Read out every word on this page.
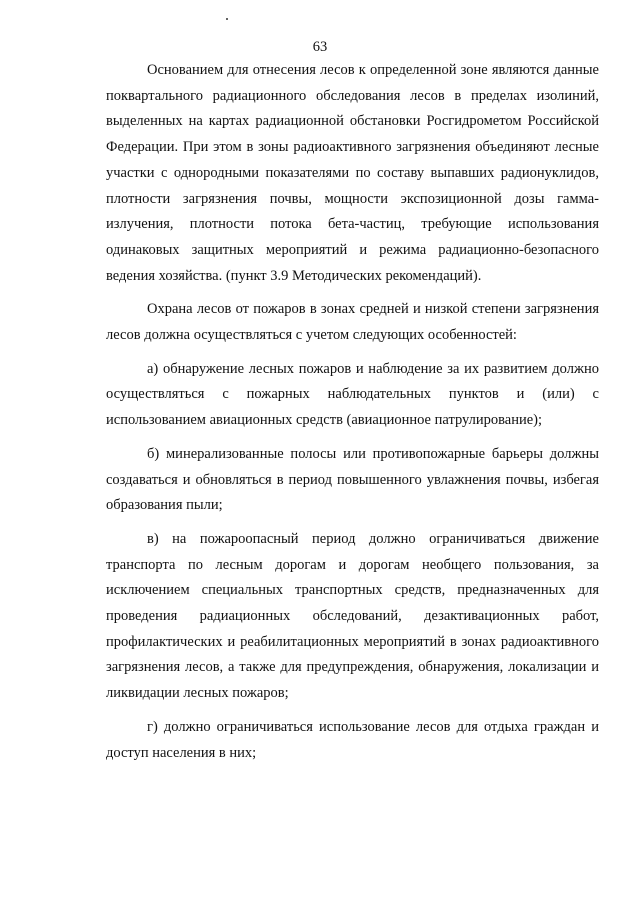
63

Основанием для отнесения лесов к определенной зоне являются данные поквартального радиационного обследования лесов в пределах изолиний, выделенных на картах радиационной обстановки Росгидрометом Российской Федерации. При этом в зоны радиоактивного загрязнения объединяют лесные участки с однородными показателями по составу выпавших радионуклидов, плотности загрязнения почвы, мощности экспозиционной дозы гамма-излучения, плотности потока бета-частиц, требующие использования одинаковых защитных мероприятий и режима радиационно-безопасного ведения хозяйства. (пункт 3.9 Методических рекомендаций).

Охрана лесов от пожаров в зонах средней и низкой степени загрязнения лесов должна осуществляться с учетом следующих особенностей:

а) обнаружение лесных пожаров и наблюдение за их развитием должно осуществляться с пожарных наблюдательных пунктов и (или) с использованием авиационных средств (авиационное патрулирование);

б) минерализованные полосы или противопожарные барьеры должны создаваться и обновляться в период повышенного увлажнения почвы, избегая образования пыли;

в) на пожароопасный период должно ограничиваться движение транспорта по лесным дорогам и дорогам необщего пользования, за исключением специальных транспортных средств, предназначенных для проведения радиационных обследований, дезактивационных работ, профилактических и реабилитационных мероприятий в зонах радиоактивного загрязнения лесов, а также для предупреждения, обнаружения, локализации и ликвидации лесных пожаров;

г) должно ограничиваться использование лесов для отдыха граждан и доступ населения в них;
